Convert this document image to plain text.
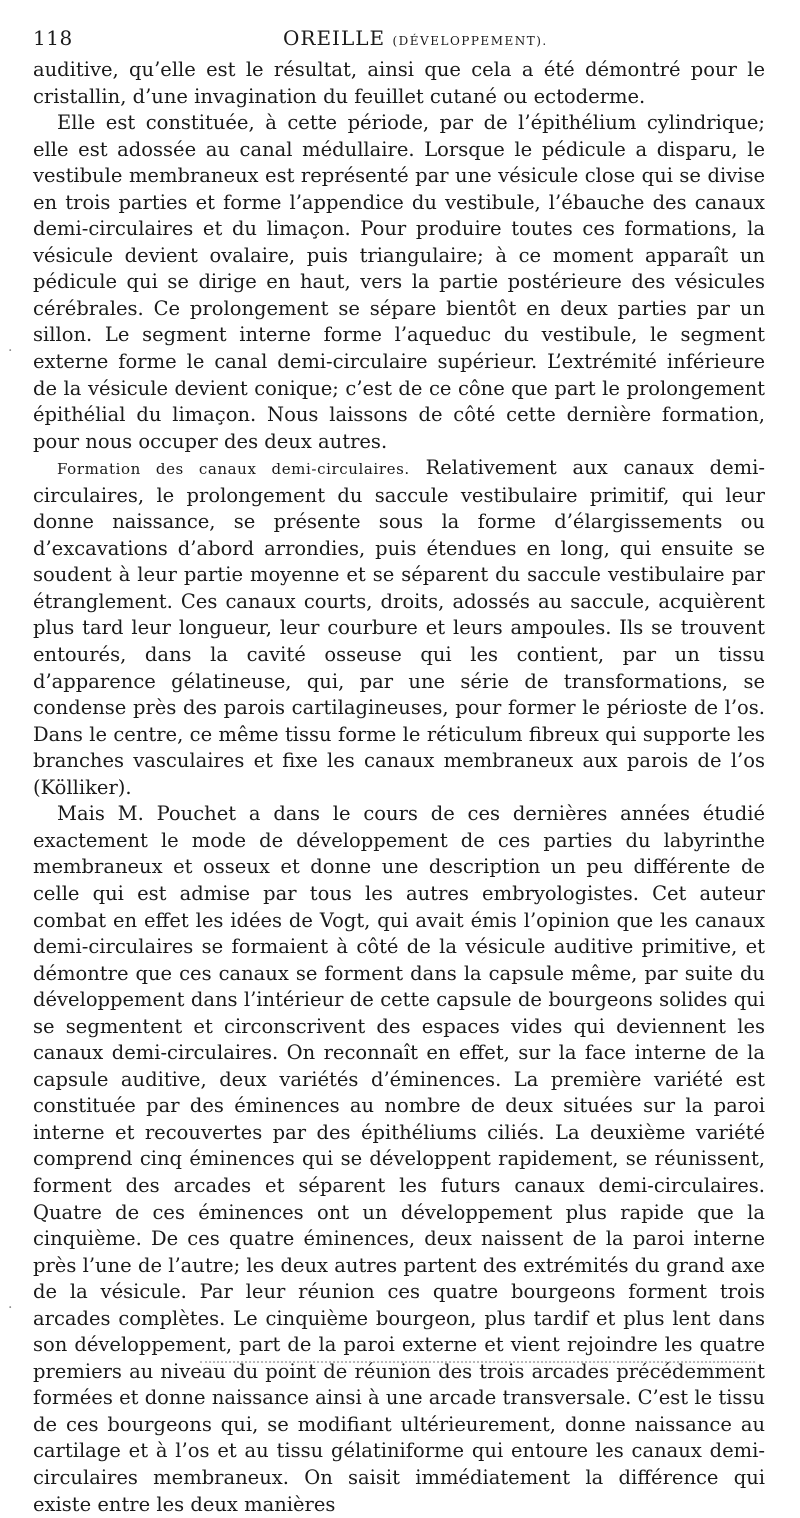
118	OREILLE (DÉVELOPPEMENT).

auditive, qu’elle est le résultat, ainsi que cela a été démontré pour le cristallin, d’une invagination du feuillet cutané ou ectoderme.

Elle est constituée, à cette période, par de l’épithélium cylindrique; elle est adossée au canal médullaire. Lorsque le pédicule a disparu, le vestibule membraneux est représenté par une vésicule close qui se divise en trois parties et forme l’appendice du vestibule, l’ébauche des canaux demi-circulaires et du limaçon. Pour produire toutes ces formations, la vésicule devient ovalaire, puis triangulaire; à ce moment apparaît un pédicule qui se dirige en haut, vers la partie postérieure des vésicules cérébrales. Ce prolongement se sépare bientôt en deux parties par un sillon. Le segment interne forme l’aqueduc du vestibule, le segment externe forme le canal demi-circulaire supérieur. L’extrémité inférieure de la vésicule devient conique; c’est de ce cône que part le prolongement épithélial du limaçon. Nous laissons de côté cette dernière formation, pour nous occuper des deux autres.

Formation des canaux demi-circulaires. Relativement aux canaux demi-circulaires, le prolongement du saccule vestibulaire primitif, qui leur donne naissance, se présente sous la forme d’élargissements ou d’excavations d’abord arrondies, puis étendues en long, qui ensuite se soudent à leur partie moyenne et se séparent du saccule vestibulaire par étranglement. Ces canaux courts, droits, adossés au saccule, acquièrent plus tard leur longueur, leur courbure et leurs ampoules. Ils se trouvent entourés, dans la cavité osseuse qui les contient, par un tissu d’apparence gélatineuse, qui, par une série de transformations, se condense près des parois cartilagineuses, pour former le périoste de l’os. Dans le centre, ce même tissu forme le réticulum fibreux qui supporte les branches vasculaires et fixe les canaux membraneux aux parois de l’os (Kölliker).

Mais M. Pouchet a dans le cours de ces dernières années étudié exactement le mode de développement de ces parties du labyrinthe membraneux et osseux et donne une description un peu différente de celle qui est admise par tous les autres embryologistes. Cet auteur combat en effet les idées de Vogt, qui avait émis l’opinion que les canaux demi-circulaires se formaient à côté de la vésicule auditive primitive, et démontre que ces canaux se forment dans la capsule même, par suite du développement dans l’intérieur de cette capsule de bourgeons solides qui se segmentent et circonscrivent des espaces vides qui deviennent les canaux demi-circulaires. On reconnaît en effet, sur la face interne de la capsule auditive, deux variétés d’éminences. La première variété est constituée par des éminences au nombre de deux situées sur la paroi interne et recouvertes par des épithéliums ciliés. La deuxième variété comprend cinq éminences qui se développent rapidement, se réunissent, forment des arcades et séparent les futurs canaux demi-circulaires. Quatre de ces éminences ont un développement plus rapide que la cinquième. De ces quatre éminences, deux naissent de la paroi interne près l’une de l’autre; les deux autres partent des extrémités du grand axe de la vésicule. Par leur réunion ces quatre bourgeons forment trois arcades complètes. Le cinquième bourgeon, plus tardif et plus lent dans son développement, part de la paroi externe et vient rejoindre les quatre premiers au niveau du point de réunion des trois arcades précédemment formées et donne naissance ainsi à une arcade transversale. C’est le tissu de ces bourgeons qui, se modifiant ultérieurement, donne naissance au cartilage et à l’os et au tissu gélatiniforme qui entoure les canaux demi-circulaires membraneux. On saisit immédiatement la différence qui existe entre les deux manières

·
·
